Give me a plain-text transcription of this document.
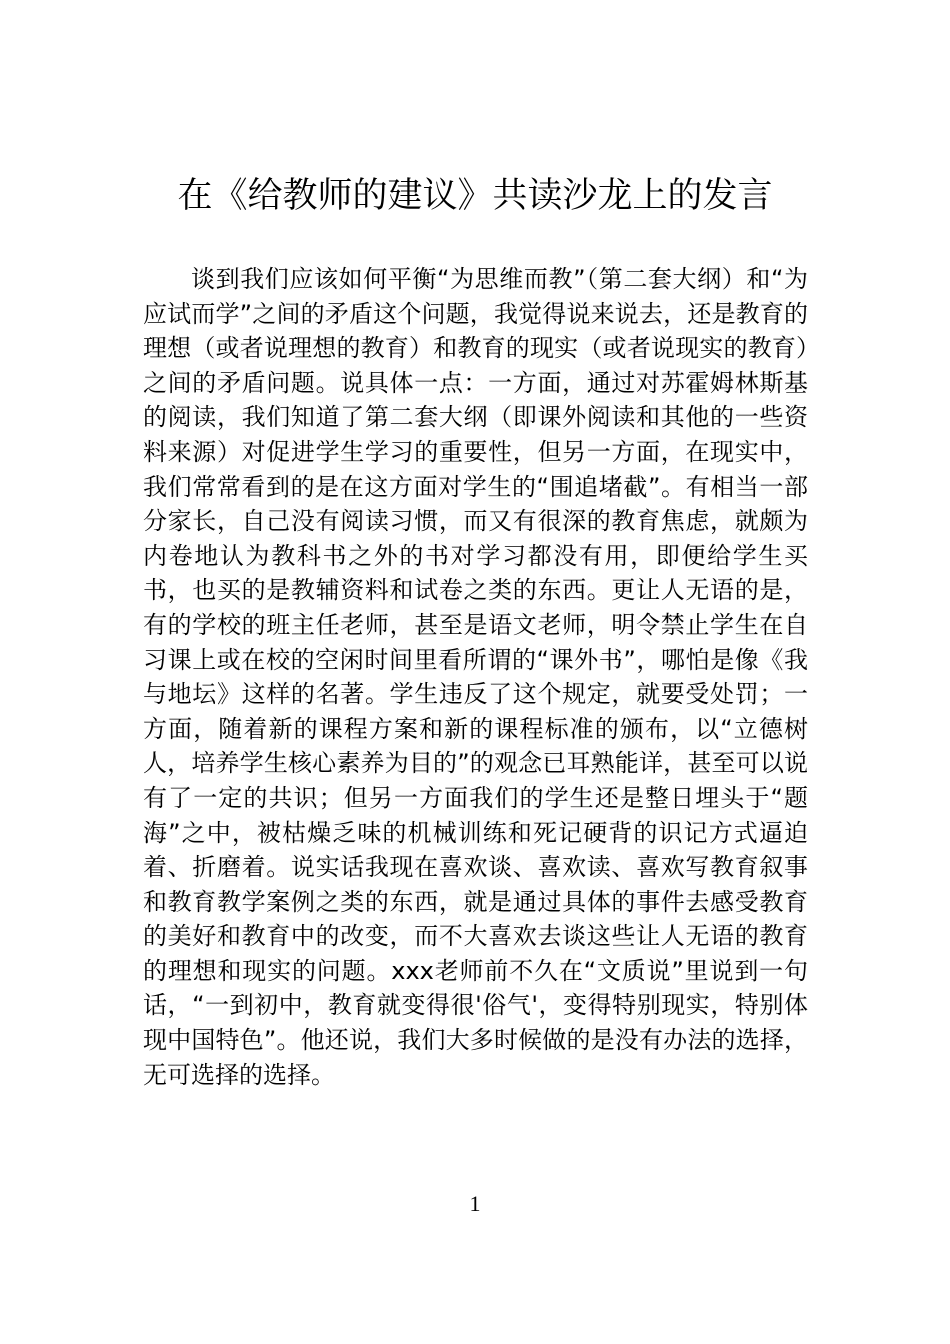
在《给教师的建议》共读沙龙上的发言

谈到我们应该如何平衡“为思维而教”（第二套大纲）和“为应试而学”之间的矛盾这个问题，我觉得说来说去，还是教育的理想（或者说理想的教育）和教育的现实（或者说现实的教育）之间的矛盾问题。说具体一点：一方面，通过对苏霍姆林斯基的阅读，我们知道了第二套大纲（即课外阅读和其他的一些资料来源）对促进学生学习的重要性，但另一方面，在现实中，我们常常看到的是在这方面对学生的“围追堵截”。有相当一部分家长，自己没有阅读习惯，而又有很深的教育焦虑，就颇为内卷地认为教科书之外的书对学习都没有用，即便给学生买书，也买的是教辅资料和试卷之类的东西。更让人无语的是，有的学校的班主任老师，甚至是语文老师，明令禁止学生在自习课上或在校的空闲时间里看所谓的“课外书”，哪怕是像《我与地坛》这样的名著。学生违反了这个规定，就要受处罚；一方面，随着新的课程方案和新的课程标准的颁布，以“立德树人，培养学生核心素养为目的”的观念已耳熟能详，甚至可以说有了一定的共识；但另一方面我们的学生还是整日埋头于“题海”之中，被枯燥乏味的机械训练和死记硬背的识记方式逼迫着、折磨着。说实话我现在喜欢谈、喜欢读、喜欢写教育叙事和教育教学案例之类的东西，就是通过具体的事件去感受教育的美好和教育中的改变，而不大喜欢去谈这些让人无语的教育的理想和现实的问题。xxx老师前不久在“文质说”里说到一句话，“一到初中，教育就变得很'俗气'，变得特别现实，特别体现中国特色”。他还说，我们大多时候做的是没有办法的选择，无可选择的选择。

1
